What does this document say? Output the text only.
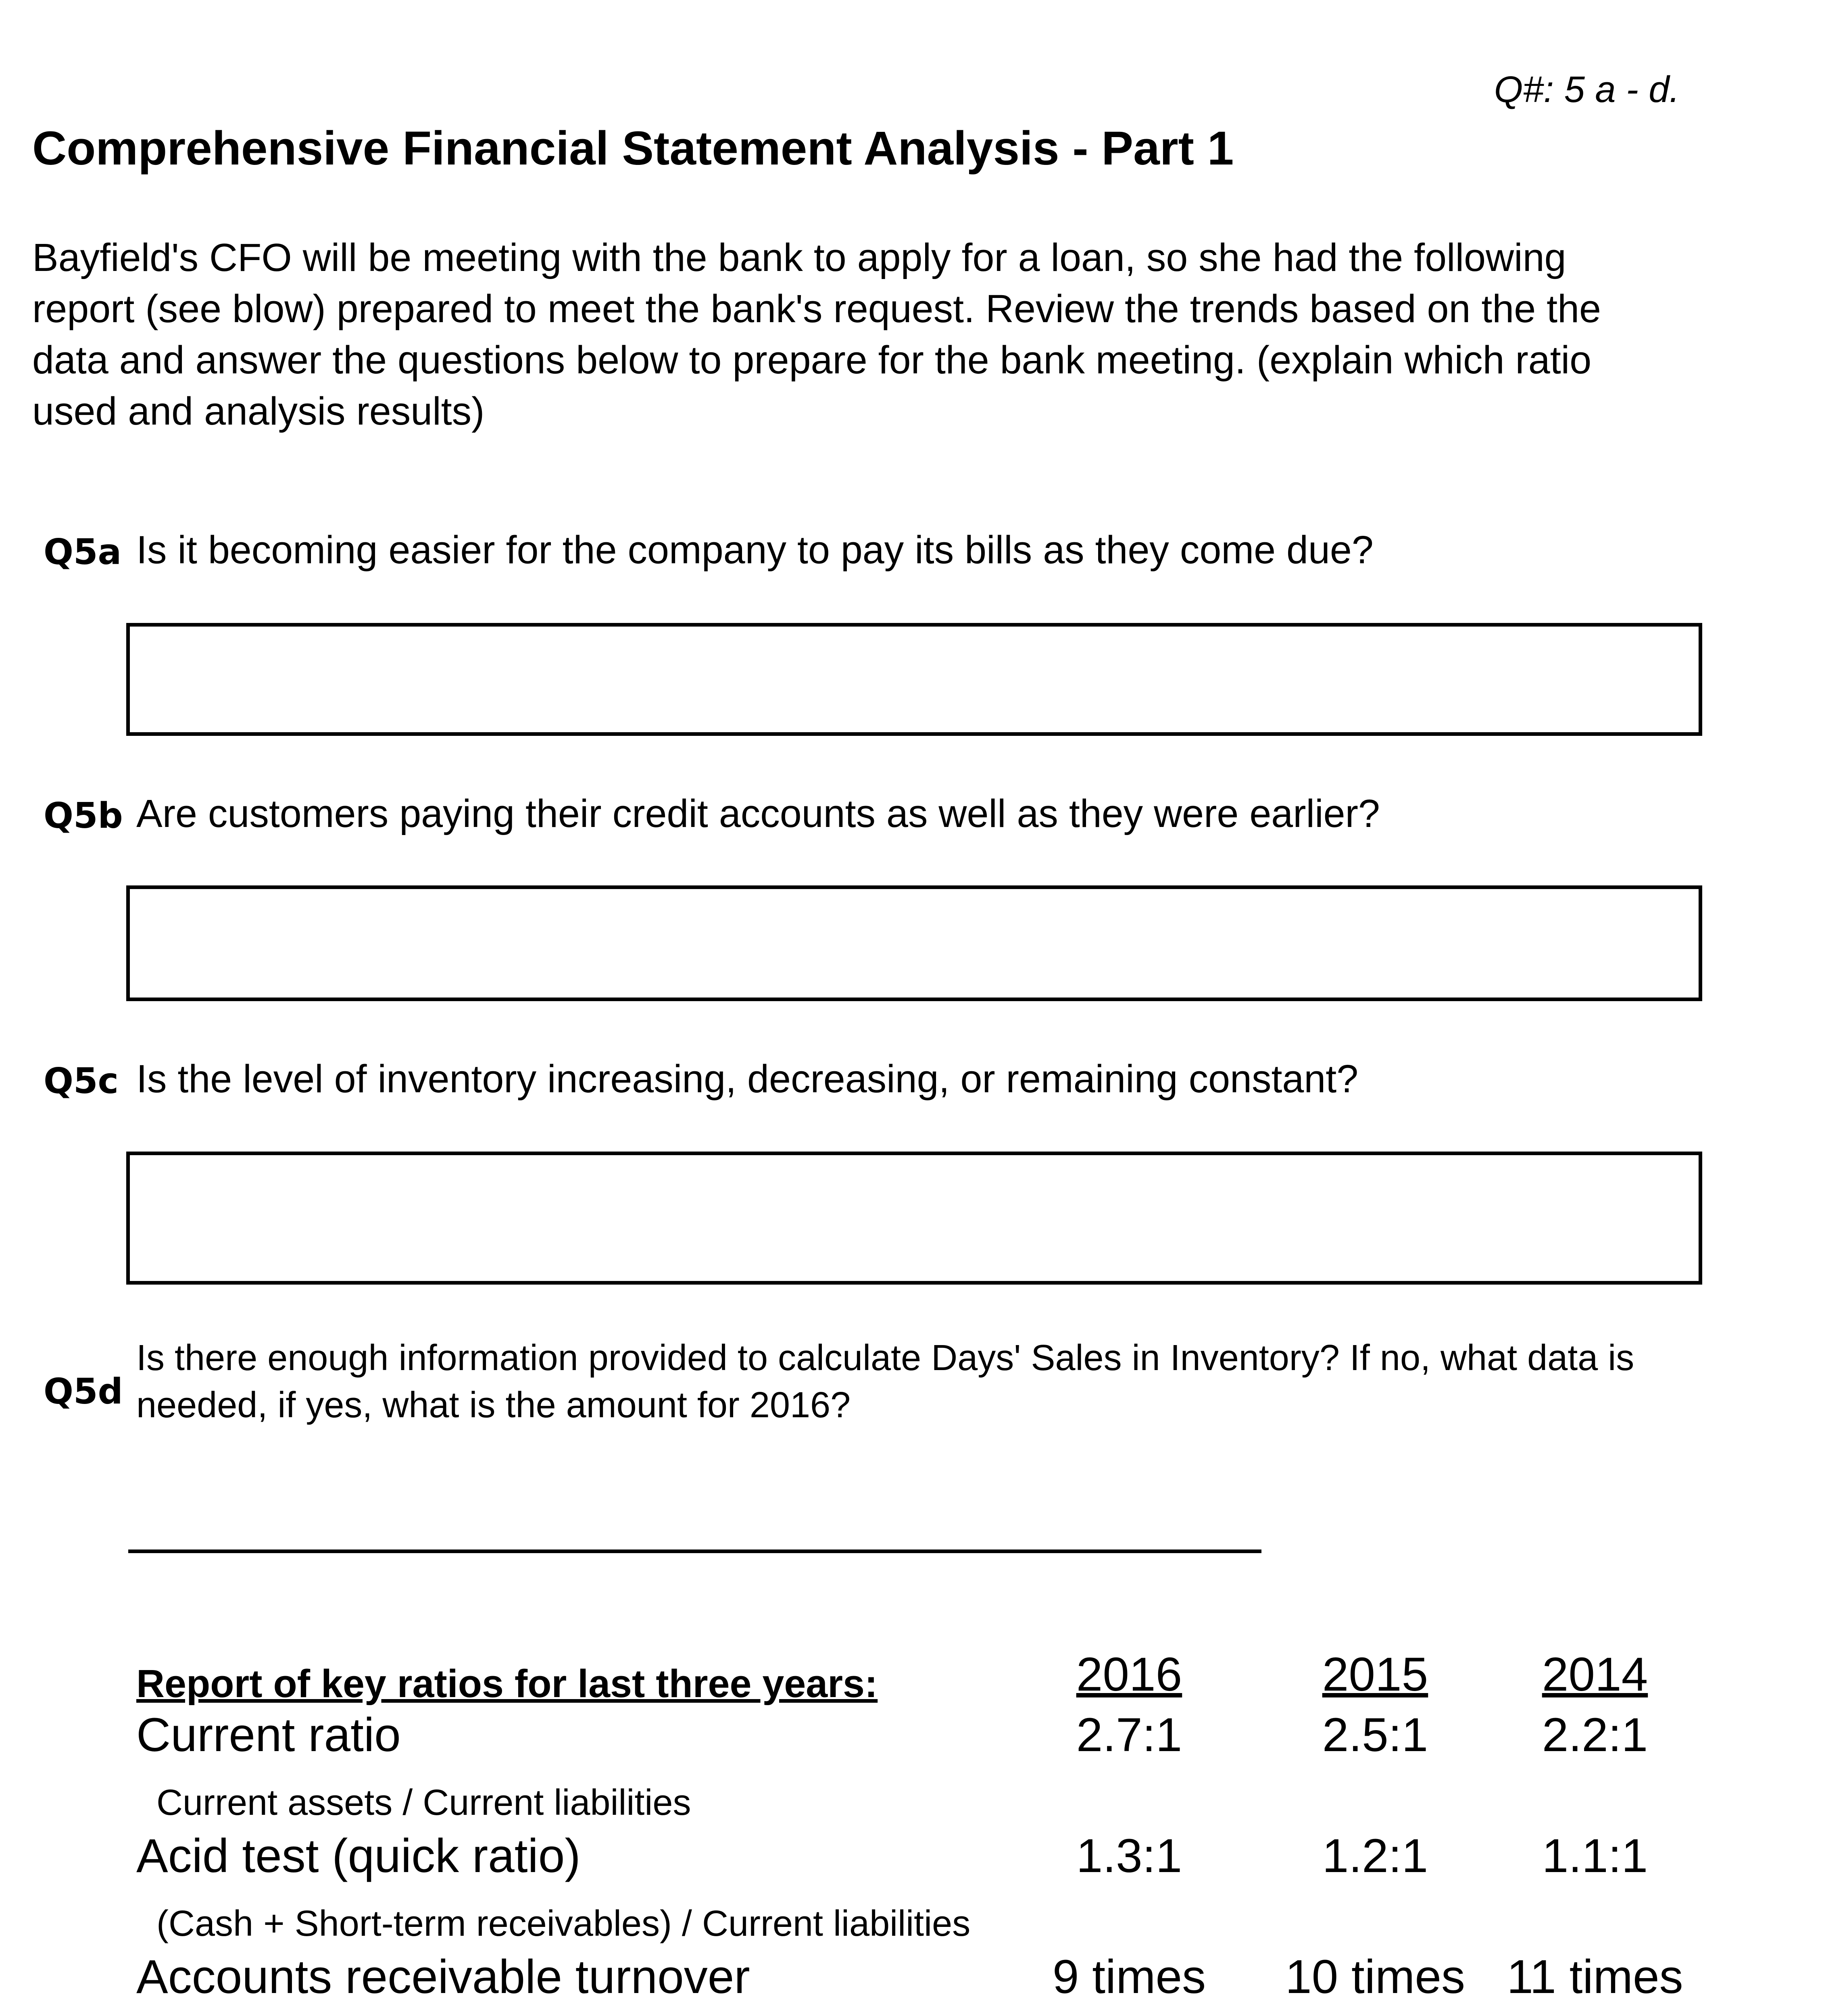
Q#: 5 a - d.
Comprehensive Financial Statement Analysis - Part 1
Bayfield's CFO will be meeting with the bank to apply for a loan, so she had the following
report (see blow) prepared to meet the bank's request. Review the trends based on the the
data and answer the questions below to prepare for the bank meeting. (explain which ratio
used and analysis results)
Q5a Is it becoming easier for the company to pay its bills as they come due?
Q5b Are customers paying their credit accounts as well as they were earlier?
Q5c Is the level of inventory increasing, decreasing, or remaining constant?
Q5d
Is there enough information provided to calculate Days' Sales in Inventory? If no, what data is
needed, if yes, what is the amount for 2016?
Report of key ratios for last three years:	2016	2015	2014
Current ratio	2.7:1	2.5:1	2.2:1
Current assets / Current liabilities
Acid test (quick ratio)	1.3:1	1.2:1	1.1:1
(Cash + Short-term receivables) / Current liabilities
Accounts receivable turnover	9 times	10 times 11 times
